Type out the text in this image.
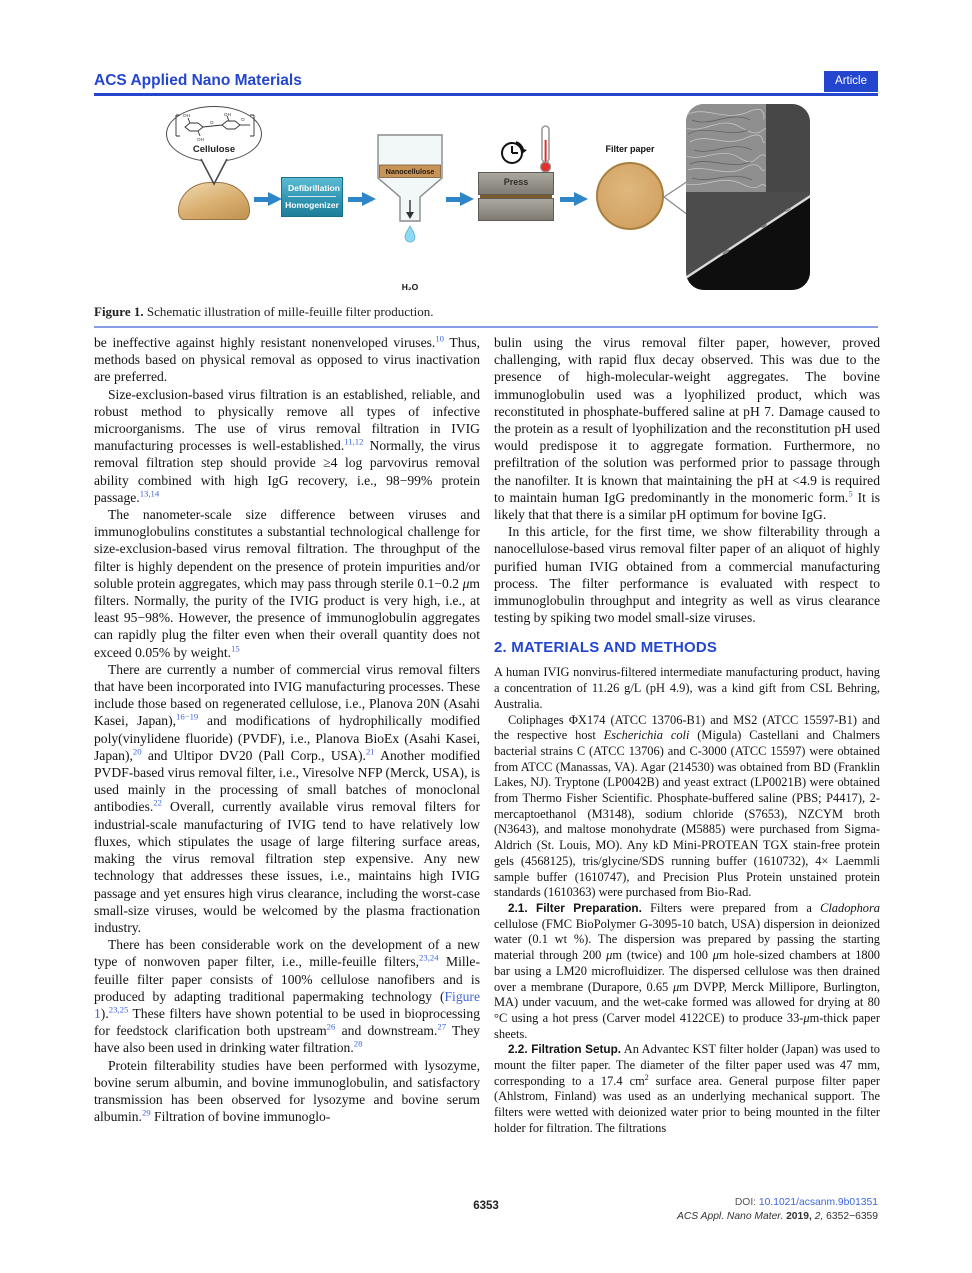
ACS Applied Nano Materials	Article
OH	OH
OH
O
O
Cellulose
Defibrillation
Homogenizer
Nanocellulose
H₂O
Press
Filter paper
Figure 1. Schematic illustration of mille-feuille filter production.

be ineffective against highly resistant nonenveloped viruses.$^{10}$ Thus, methods based on physical removal as opposed to virus inactivation are preferred.

Size-exclusion-based virus filtration is an established, reliable, and robust method to physically remove all types of infective microorganisms. The use of virus removal filtration in IVIG manufacturing processes is well-established.$^{11,12}$ Normally, the virus removal filtration step should provide ≥4 log parvovirus removal ability combined with high IgG recovery, i.e., 98−99% protein passage.$^{13,14}$

The nanometer-scale size difference between viruses and immunoglobulins constitutes a substantial technological challenge for size-exclusion-based virus removal filtration. The throughput of the filter is highly dependent on the presence of protein impurities and/or soluble protein aggregates, which may pass through sterile 0.1−0.2 μm filters. Normally, the purity of the IVIG product is very high, i.e., at least 95−98%. However, the presence of immunoglobulin aggregates can rapidly plug the filter even when their overall quantity does not exceed 0.05% by weight.$^{15}$

There are currently a number of commercial virus removal filters that have been incorporated into IVIG manufacturing processes. These include those based on regenerated cellulose, i.e., Planova 20N (Asahi Kasei, Japan),$^{16-19}$ and modifications of hydrophilically modified poly(vinylidene fluoride) (PVDF), i.e., Planova BioEx (Asahi Kasei, Japan),$^{20}$ and Ultipor DV20 (Pall Corp., USA).$^{21}$ Another modified PVDF-based virus removal filter, i.e., Viresolve NFP (Merck, USA), is used mainly in the processing of small batches of monoclonal antibodies.$^{22}$ Overall, currently available virus removal filters for industrial-scale manufacturing of IVIG tend to have relatively low fluxes, which stipulates the usage of large filtering surface areas, making the virus removal filtration step expensive. Any new technology that addresses these issues, i.e., maintains high IVIG passage and yet ensures high virus clearance, including the worst-case small-size viruses, would be welcomed by the plasma fractionation industry.

There has been considerable work on the development of a new type of nonwoven paper filter, i.e., mille-feuille filters,$^{23,24}$ Mille-feuille filter paper consists of 100% cellulose nanofibers and is produced by adapting traditional papermaking technology (Figure 1).$^{23,25}$ These filters have shown potential to be used in bioprocessing for feedstock clarification both upstream$^{26}$ and downstream.$^{27}$ They have also been used in drinking water filtration.$^{28}$

Protein filterability studies have been performed with lysozyme, bovine serum albumin, and bovine immunoglobulin, and satisfactory transmission has been observed for lysozyme and bovine serum albumin.$^{29}$ Filtration of bovine immunoglo-

bulin using the virus removal filter paper, however, proved challenging, with rapid flux decay observed. This was due to the presence of high-molecular-weight aggregates. The bovine immunoglobulin used was a lyophilized product, which was reconstituted in phosphate-buffered saline at pH 7. Damage caused to the protein as a result of lyophilization and the reconstitution pH used would predispose it to aggregate formation. Furthermore, no prefiltration of the solution was performed prior to passage through the nanofilter. It is known that maintaining the pH at <4.9 is required to maintain human IgG predominantly in the monomeric form.$^5$ It is likely that that there is a similar pH optimum for bovine IgG.

In this article, for the first time, we show filterability through a nanocellulose-based virus removal filter paper of an aliquot of highly purified human IVIG obtained from a commercial manufacturing process. The filter performance is evaluated with respect to immunoglobulin throughput and integrity as well as virus clearance testing by spiking two model small-size viruses.

2. MATERIALS AND METHODS

A human IVIG nonvirus-filtered intermediate manufacturing product, having a concentration of 11.26 g/L (pH 4.9), was a kind gift from CSL Behring, Australia.

Coliphages ΦX174 (ATCC 13706-B1) and MS2 (ATCC 15597-B1) and the respective host Escherichia coli (Migula) Castellani and Chalmers bacterial strains C (ATCC 13706) and C-3000 (ATCC 15597) were obtained from ATCC (Manassas, VA). Agar (214530) was obtained from BD (Franklin Lakes, NJ). Tryptone (LP0042B) and yeast extract (LP0021B) were obtained from Thermo Fisher Scientific. Phosphate-buffered saline (PBS; P4417), 2-mercaptoethanol (M3148), sodium chloride (S7653), NZCYM broth (N3643), and maltose monohydrate (M5885) were purchased from Sigma-Aldrich (St. Louis, MO). Any kD Mini-PROTEAN TGX stain-free protein gels (4568125), tris/glycine/SDS running buffer (1610732), 4× Laemmli sample buffer (1610747), and Precision Plus Protein unstained protein standards (1610363) were purchased from Bio-Rad.

2.1. Filter Preparation. Filters were prepared from a Cladophora cellulose (FMC BioPolymer G-3095-10 batch, USA) dispersion in deionized water (0.1 wt %). The dispersion was prepared by passing the starting material through 200 μm (twice) and 100 μm hole-sized chambers at 1800 bar using a LM20 microfluidizer. The dispersed cellulose was then drained over a membrane (Durapore, 0.65 μm DVPP, Merck Millipore, Burlington, MA) under vacuum, and the wet-cake formed was allowed for drying at 80 °C using a hot press (Carver model 4122CE) to produce 33-μm-thick paper sheets.

2.2. Filtration Setup. An Advantec KST filter holder (Japan) was used to mount the filter paper. The diameter of the filter paper used was 47 mm, corresponding to a 17.4 $cm^2$ surface area. General purpose filter paper (Ahlstrom, Finland) was used as an underlying mechanical support. The filters were wetted with deionized water prior to being mounted in the filter holder for filtration. The filtrations

6353	DOI: 10.1021/acsanm.9b01351
ACS Appl. Nano Mater. 2019, 2, 6352−6359
